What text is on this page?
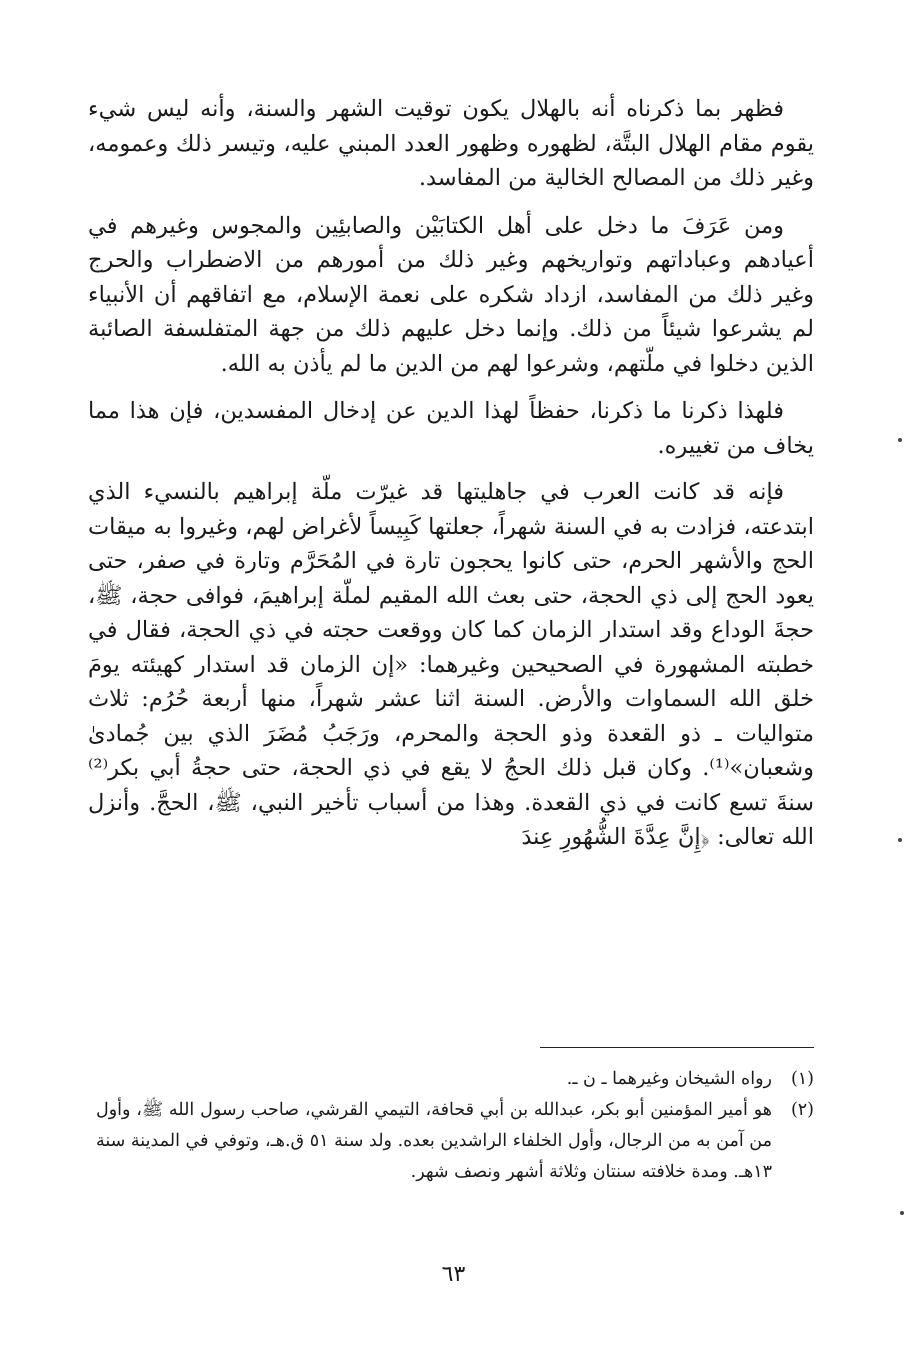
فظهر بما ذكرناه أنه بالهلال يكون توقيت الشهر والسنة، وأنه ليس شيء يقوم مقام الهلال البتَّة، لظهوره وظهور العدد المبني عليه، وتيسر ذلك وعمومه، وغير ذلك من المصالح الخالية من المفاسد.

ومن عَرَفَ ما دخل على أهل الكتابَيْن والصابئِين والمجوس وغيرهم في أعيادهم وعباداتهم وتواريخهم وغير ذلك من أمورهم من الاضطراب والحرج وغير ذلك من المفاسد، ازداد شكره على نعمة الإسلام، مع اتفاقهم أن الأنبياء لم يشرعوا شيئاً من ذلك. وإنما دخل عليهم ذلك من جهة المتفلسفة الصائبة الذين دخلوا في ملّتهم، وشرعوا لهم من الدين ما لم يأذن به الله.

فلهذا ذكرنا ما ذكرنا، حفظاً لهذا الدين عن إدخال المفسدين، فإن هذا مما يخاف من تغييره.

فإنه قد كانت العرب في جاهليتها قد غيرّت ملّة إبراهيم بالنسيء الذي ابتدعته، فزادت به في السنة شهراً، جعلتها كَبِيساً لأغراض لهم، وغيروا به ميقات الحج والأشهر الحرم، حتى كانوا يحجون تارة في المُحَرَّم وتارة في صفر، حتى يعود الحج إلى ذي الحجة، حتى بعث الله المقيم لملّة إبراهيمَ، فوافى حجة، ﷺ، حجةَ الوداع وقد استدار الزمان كما كان ووقعت حجته في ذي الحجة، فقال في خطبته المشهورة في الصحيحين وغيرهما: «إن الزمان قد استدار كهيئته يومَ خلق الله السماوات والأرض. السنة اثنا عشر شهراً، منها أربعة حُرُم: ثلاث متواليات ـ ذو القعدة وذو الحجة والمحرم، ورَجَبُ مُضَرَ الذي بين جُمادىٰ وشعبان»⁽¹⁾. وكان قبل ذلك الحجُ لا يقع في ذي الحجة، حتى حجةُ أبي بكر⁽²⁾ سنةَ تسع كانت في ذي القعدة. وهذا من أسباب تأخير النبي، ﷺ، الحجَّ. وأنزل الله تعالى: ﴿إِنَّ عِدَّةَ الشُّهُورِ عِندَ

(١)
رواه الشيخان وغيرهما ـ ن ـ.
(٢)
هو أمير المؤمنين أبو بكر، عبدالله بن أبي قحافة، التيمي القرشي، صاحب رسول الله ﷺ، وأول من آمن به من الرجال، وأول الخلفاء الراشدين بعده. ولد سنة ٥١ ق.هـ، وتوفي في المدينة سنة ١٣هـ. ومدة خلافته سنتان وثلاثة أشهر ونصف شهر.
٦٣
